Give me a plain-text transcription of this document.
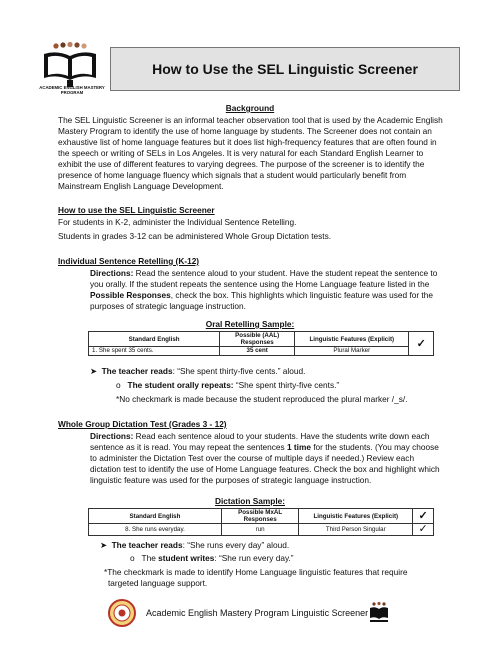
ACADEMIC ENGLISH MASTERY PROGRAM
How to Use the SEL Linguistic Screener
Background

The SEL Linguistic Screener is an informal teacher observation tool that is used by the Academic English

Mastery Program to identify the use of home language by students. The Screener does not contain an

exhaustive list of home language features but it does list high-frequency features that are often found in

the speech or writing of SELs in Los Angeles. It is very natural for each Standard English Learner to

exhibit the use of different features to varying degrees. The purpose of the screener is to identify the

presence of home language fluency which signals that a student would particularly benefit from

Mainstream English Language Development.

How to use the SEL Linguistic Screener

For students in K-2, administer the Individual Sentence Retelling.

Students in grades 3-12 can be administered Whole Group Dictation tests.

Individual Sentence Retelling (K-12)

Directions: Read the sentence aloud to your student. Have the student repeat the sentence to

you orally. If the student repeats the sentence using the Home Language feature listed in the

Possible Responses, check the box. This highlights which linguistic feature was used for the

purposes of strategic language instruction.

Oral Retelling Sample:
Standard English	Possible (AAL) Responses	Linguistic Features (Explicit)	✓
1. She spent 35 cents.	35 cent	Plural Marker	
➤  The teacher reads: “She spent thirty-five cents.” aloud.
o   The student orally repeats: “She spent thirty-five cents.”
*No checkmark is made because the student reproduced the plural marker /_s/.
Whole Group Dictation Test (Grades 3 - 12)

Directions: Read each sentence aloud to your students. Have the students write down each

sentence as it is read. You may repeat the sentences 1 time for the students. (You may choose

to administer the Dictation Test over the course of multiple days if needed.) Review each

dictation test to identify the use of Home Language features. Check the box and highlight which

linguistic feature was used for the purposes of strategic language instruction.

Dictation Sample:
Standard English	Possible MxAL Responses	Linguistic Features (Explicit)	✓
8. She runs everyday.	run	Third Person Singular	✓
➤  The teacher reads: “She runs every day” aloud.
o   The student writes: “She run every day.”

*The checkmark is made to identify Home Language linguistic features that require

targeted language support.

Academic English Mastery Program Linguistic Screener
